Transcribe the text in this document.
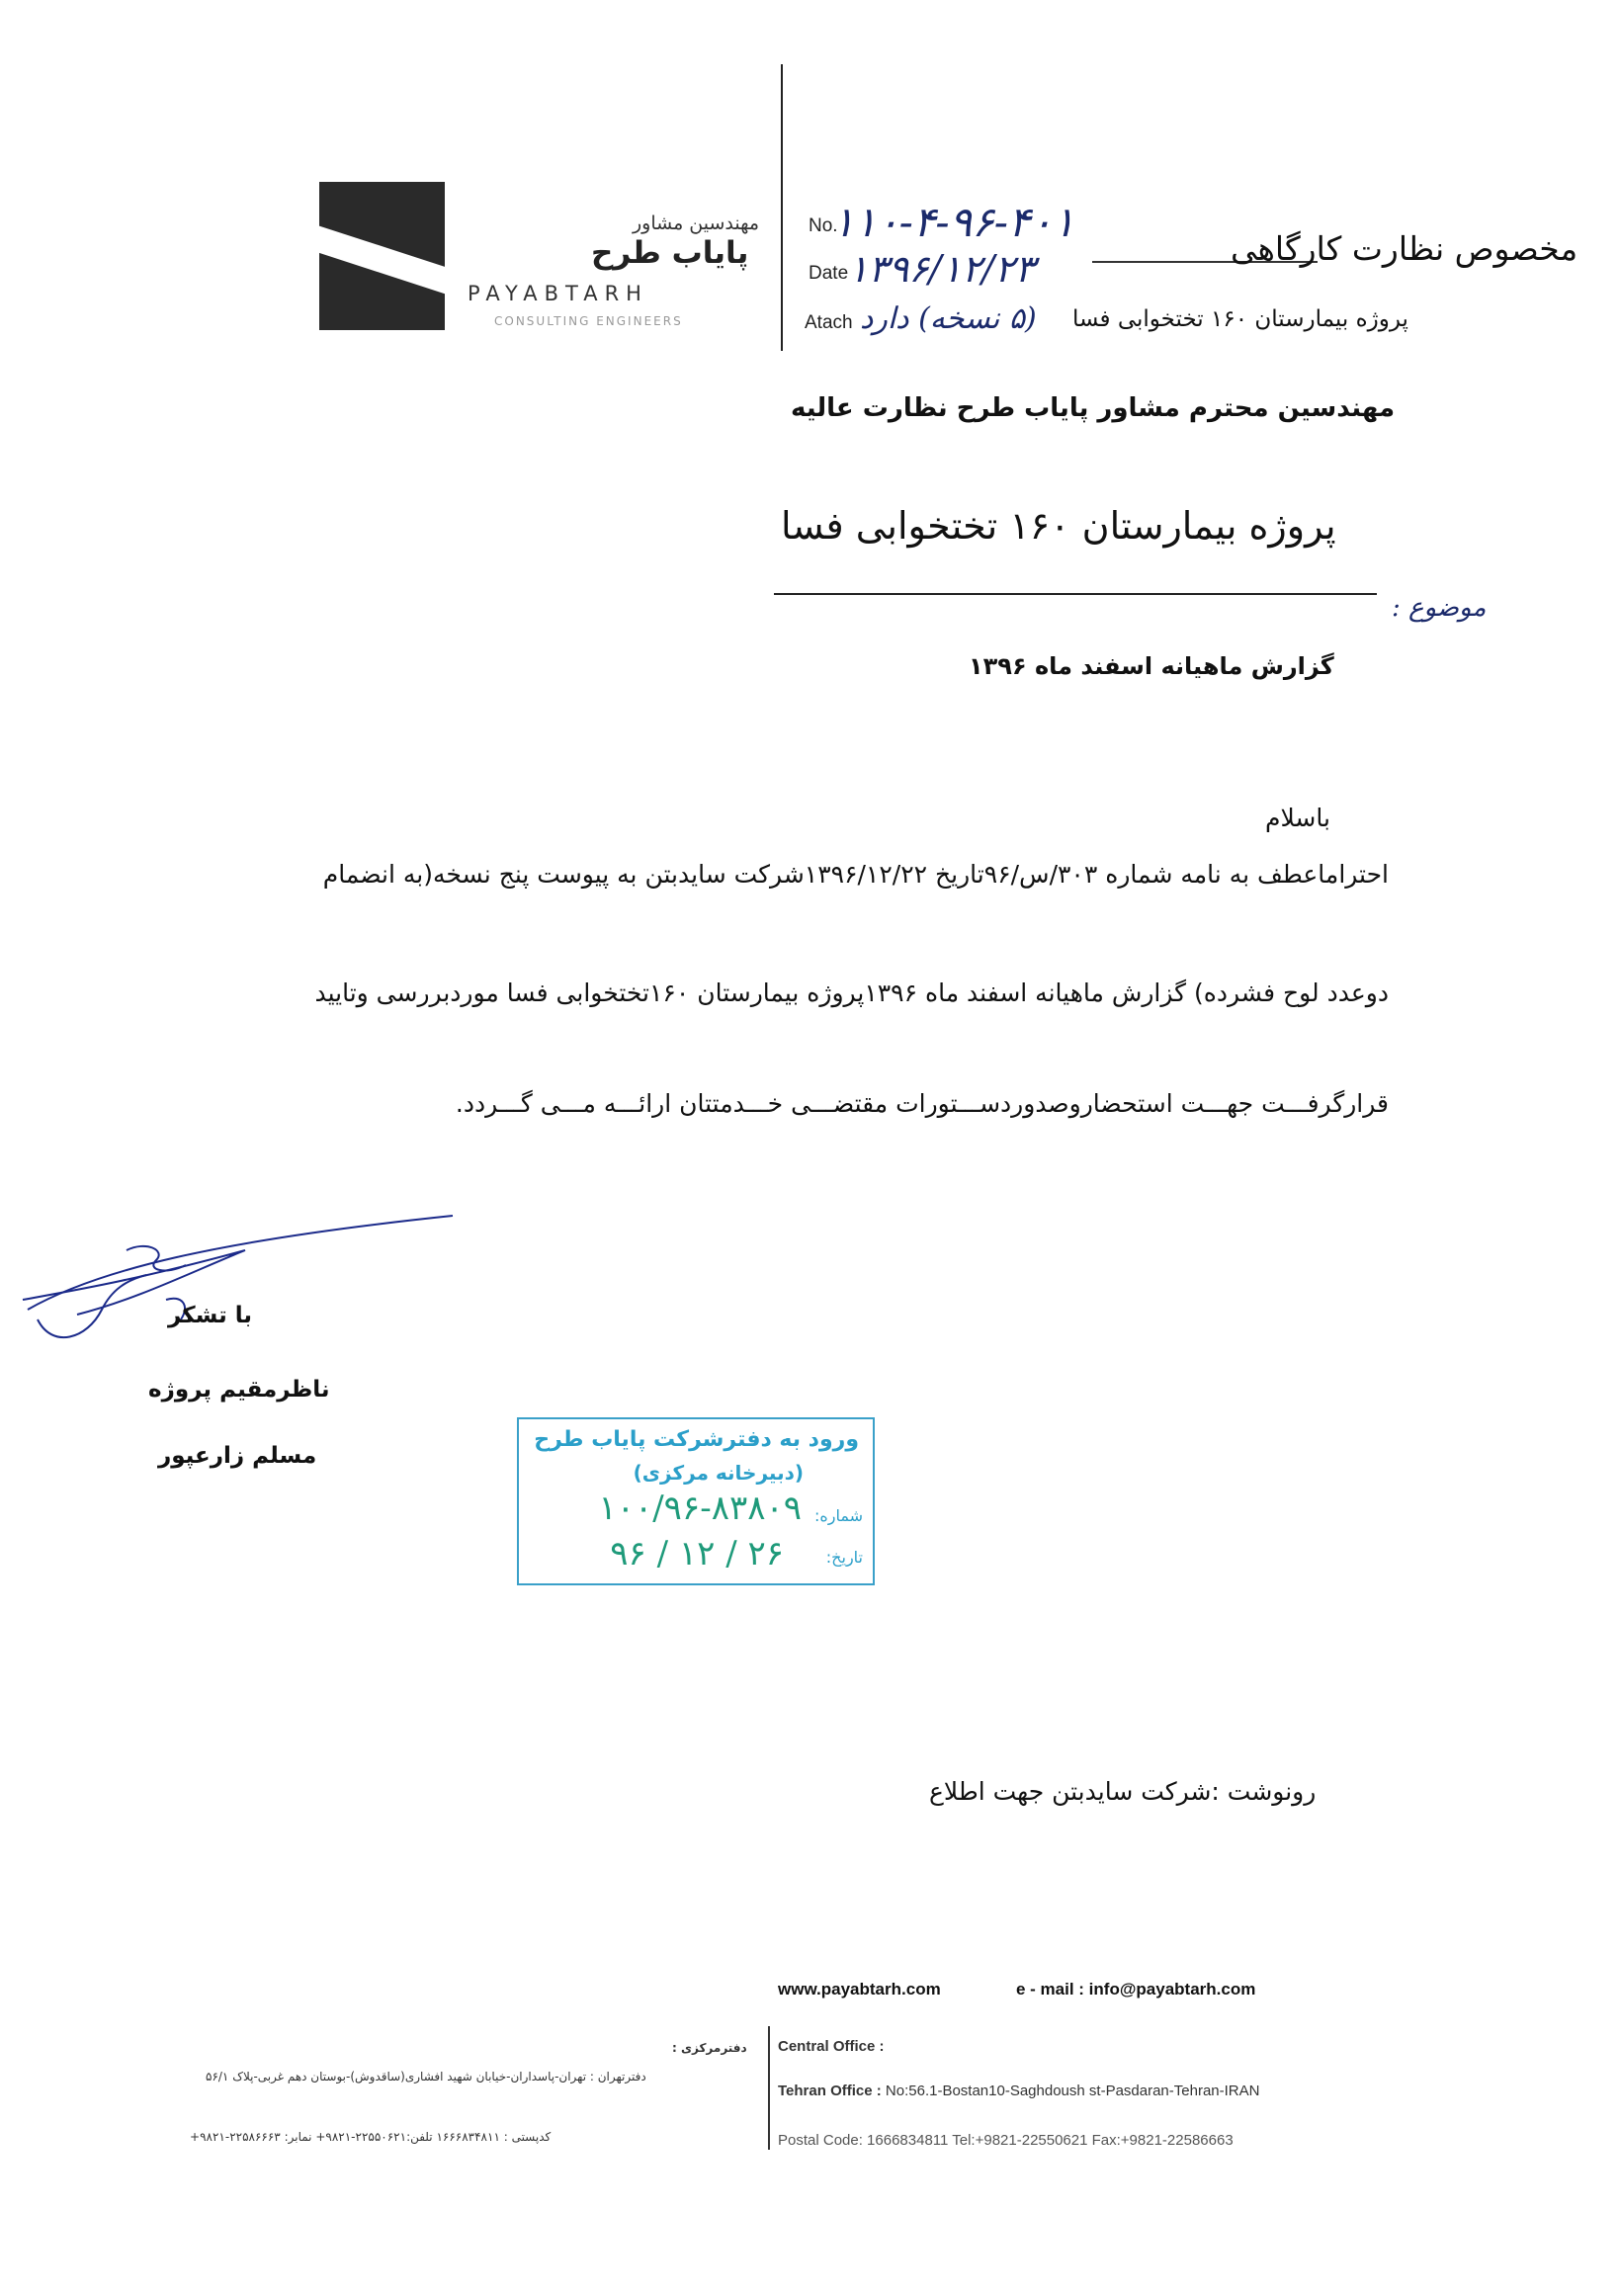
مهندسین مشاور
پایاب طرح
PAYABTARH
CONSULTING ENGINEERS
No.
۱۱۰-۴-۹۶-۴۰۱
Date ۱۳۹۶/۱۲/۲۳
Atach (۵ نسخه) دارد
مخصوص نظارت کارگاهی
پروژه بیمارستان ۱۶۰ تختخوابی فسا
مهندسین محترم مشاور پایاب طرح نظارت عالیه
پروژه بیمارستان ۱۶۰ تختخوابی فسا
موضوع :
گزارش ماهیانه اسفند ماه ۱۳۹۶
باسلام
احتراماعطف به نامه شماره ۳۰۳/س/۹۶تاریخ ۱۳۹۶/۱۲/۲۲شرکت سایدبتن به پیوست پنج نسخه(به انضمام
دوعدد لوح فشرده) گزارش ماهیانه اسفند ماه ۱۳۹۶پروژه بیمارستان ۱۶۰تختخوابی فسا موردبررسی وتایید
قرارگرفـــت جهـــت استحضاروصدوردســـتورات مقتضـــی خـــدمتتان ارائـــه مـــی گـــردد.
با تشکر
ناظرمقیم پروژه
مسلم زارعپور
ورود به دفترشرکت پایاب طرح
(دبیرخانه مرکزی)
شماره:
۱۰۰/۹۶-۸۳۸۰۹
تاریخ:
۹۶ / ۱۲ / ۲۶
رونوشت :شرکت سایدبتن جهت اطلاع
www.payabtarh.com	e - mail : info@payabtarh.com
Central Office :
Tehran Office : No:56.1-Bostan10-Saghdoush st-Pasdaran-Tehran-IRAN
Postal Code: 1666834811 Tel:+9821-22550621 Fax:+9821-22586663
دفترمرکزی :
دفترتهران : تهران-پاسداران-خیابان شهید افشاری(ساقدوش)-بوستان دهم غربی-پلاک ۵۶/۱
کدپستی : ۱۶۶۶۸۳۴۸۱۱ تلفن:۲۲۵۵۰۶۲۱-۹۸۲۱+ نمابر: ۲۲۵۸۶۶۶۳-۹۸۲۱+
